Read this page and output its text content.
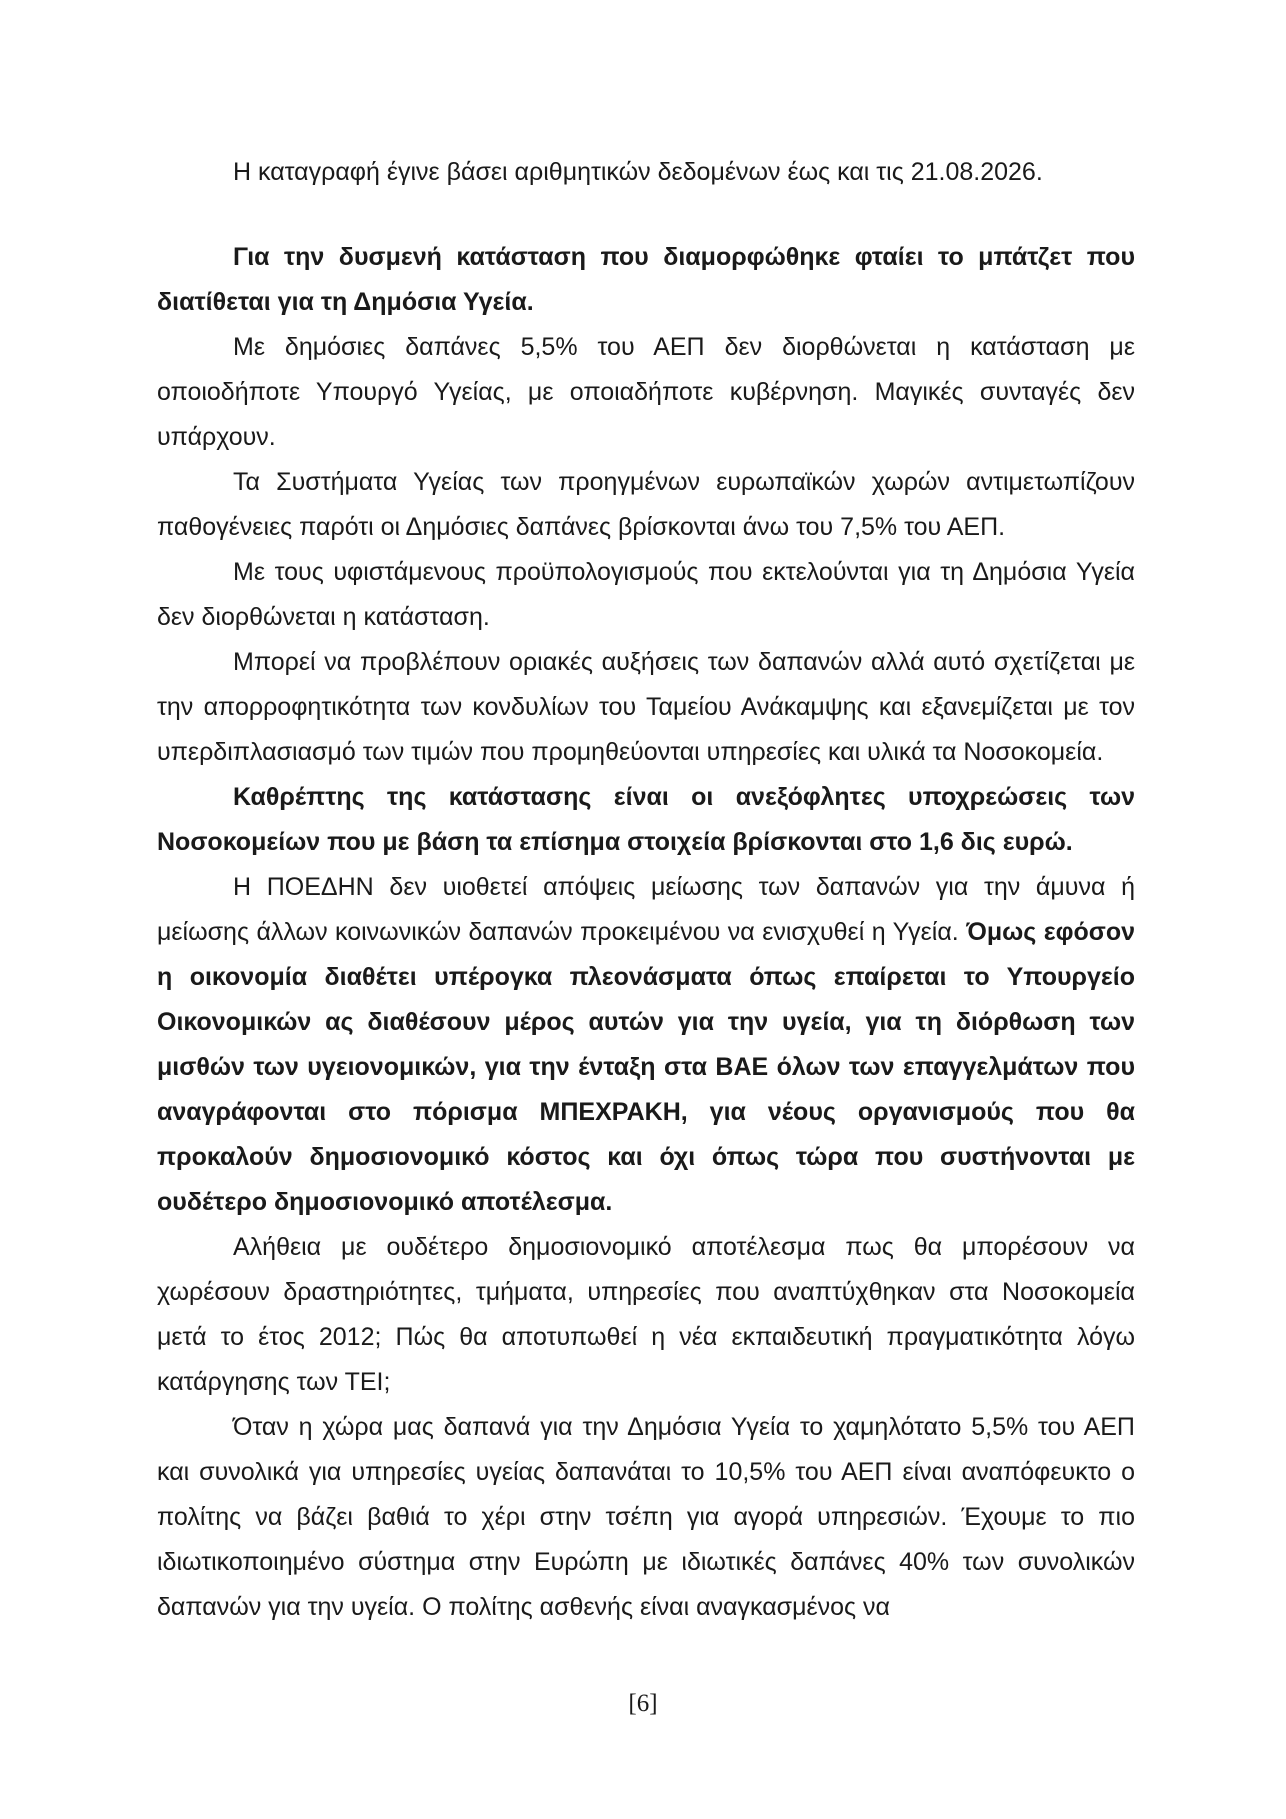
Η καταγραφή έγινε βάσει αριθμητικών δεδομένων έως και τις 21.08.2026.

Για την δυσμενή κατάσταση που διαμορφώθηκε φταίει το μπάτζετ που διατίθεται για τη Δημόσια Υγεία.

Με δημόσιες δαπάνες 5,5% του ΑΕΠ δεν διορθώνεται η κατάσταση με οποιοδήποτε Υπουργό Υγείας, με οποιαδήποτε κυβέρνηση. Μαγικές συνταγές δεν υπάρχουν.

Τα Συστήματα Υγείας των προηγμένων ευρωπαϊκών χωρών αντιμετωπίζουν παθογένειες παρότι οι Δημόσιες δαπάνες βρίσκονται άνω του 7,5% του ΑΕΠ.

Με τους υφιστάμενους προϋπολογισμούς που εκτελούνται για τη Δημόσια Υγεία δεν διορθώνεται η κατάσταση.

Μπορεί να προβλέπουν οριακές αυξήσεις των δαπανών αλλά αυτό σχετίζεται με την απορροφητικότητα των κονδυλίων του Ταμείου Ανάκαμψης και εξανεμίζεται με τον υπερδιπλασιασμό των τιμών που προμηθεύονται υπηρεσίες και υλικά τα Νοσοκομεία.

Καθρέπτης της κατάστασης είναι οι ανεξόφλητες υποχρεώσεις των Νοσοκομείων που με βάση τα επίσημα στοιχεία βρίσκονται στο 1,6 δις ευρώ.

Η ΠΟΕΔΗΝ δεν υιοθετεί απόψεις μείωσης των δαπανών για την άμυνα ή μείωσης άλλων κοινωνικών δαπανών προκειμένου να ενισχυθεί η Υγεία. Όμως εφόσον η οικονομία διαθέτει υπέρογκα πλεονάσματα όπως επαίρεται το Υπουργείο Οικονομικών ας διαθέσουν μέρος αυτών για την υγεία, για τη διόρθωση των μισθών των υγειονομικών, για την ένταξη στα ΒΑΕ όλων των επαγγελμάτων που αναγράφονται στο πόρισμα ΜΠΕΧΡΑΚΗ, για νέους οργανισμούς που θα προκαλούν δημοσιονομικό κόστος και όχι όπως τώρα που συστήνονται με ουδέτερο δημοσιονομικό αποτέλεσμα.

Αλήθεια με ουδέτερο δημοσιονομικό αποτέλεσμα πως θα μπορέσουν να χωρέσουν δραστηριότητες, τμήματα, υπηρεσίες που αναπτύχθηκαν στα Νοσοκομεία μετά το έτος 2012; Πώς θα αποτυπωθεί η νέα εκπαιδευτική πραγματικότητα λόγω κατάργησης των ΤΕΙ;

Όταν η χώρα μας δαπανά για την Δημόσια Υγεία το χαμηλότατο 5,5% του ΑΕΠ και συνολικά για υπηρεσίες υγείας δαπανάται το 10,5% του ΑΕΠ είναι αναπόφευκτο ο πολίτης να βάζει βαθιά το χέρι στην τσέπη για αγορά υπηρεσιών. Έχουμε το πιο ιδιωτικοποιημένο σύστημα στην Ευρώπη με ιδιωτικές δαπάνες 40% των συνολικών δαπανών για την υγεία. Ο πολίτης ασθενής είναι αναγκασμένος να

[6]
